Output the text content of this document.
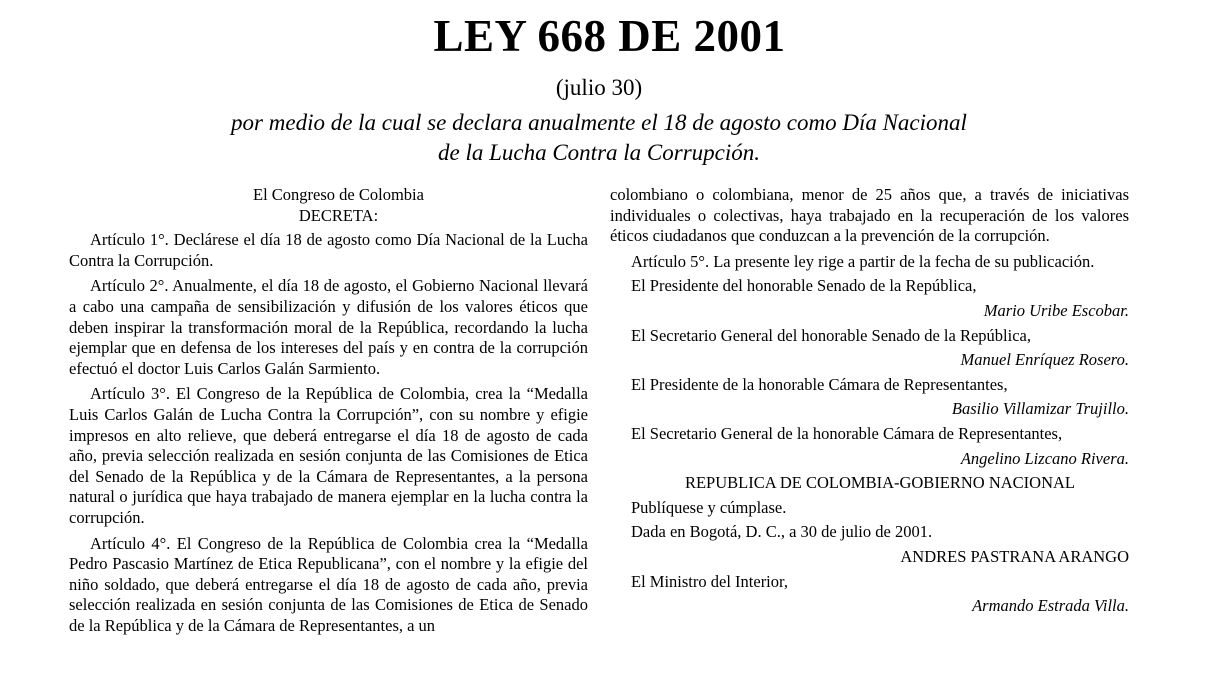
LEY 668 DE 2001
(julio 30)
por medio de la cual se declara anualmente el 18 de agosto como Día Nacional
de la Lucha Contra la Corrupción.

El Congreso de Colombia

DECRETA:

Artículo 1°. Declárese el día 18 de agosto como Día Nacional de la Lucha Contra la Corrupción.

Artículo 2°. Anualmente, el día 18 de agosto, el Gobierno Nacional llevará a cabo una campaña de sensibilización y difusión de los valores éticos que deben inspirar la transformación moral de la República, recordando la lucha ejemplar que en defensa de los intereses del país y en contra de la corrupción efectuó el doctor Luis Carlos Galán Sarmiento.

Artículo 3°. El Congreso de la República de Colombia, crea la “Medalla Luis Carlos Galán de Lucha Contra la Corrupción”, con su nombre y efigie impresos en alto relieve, que deberá entregarse el día 18 de agosto de cada año, previa selección realizada en sesión conjunta de las Comisiones de Etica del Senado de la República y de la Cámara de Representantes, a la persona natural o jurídica que haya trabajado de manera ejemplar en la lucha contra la corrupción.

Artículo 4°. El Congreso de la República de Colombia crea la “Medalla Pedro Pascasio Martínez de Etica Republicana”, con el nombre y la efigie del niño soldado, que deberá entregarse el día 18 de agosto de cada año, previa selección realizada en sesión conjunta de las Comisiones de Etica de Senado de la República y de la Cámara de Representantes, a un

colombiano o colombiana, menor de 25 años que, a través de iniciativas individuales o colectivas, haya trabajado en la recuperación de los valores éticos ciudadanos que conduzcan a la prevención de la corrupción.

Artículo 5°. La presente ley rige a partir de la fecha de su publicación.

El Presidente del honorable Senado de la República,

Mario Uribe Escobar.

El Secretario General del honorable Senado de la República,

Manuel Enríquez Rosero.

El Presidente de la honorable Cámara de Representantes,

Basilio Villamizar Trujillo.

El Secretario General de la honorable Cámara de Representantes,

Angelino Lizcano Rivera.

REPUBLICA DE COLOMBIA-GOBIERNO NACIONAL

Publíquese y cúmplase.

Dada en Bogotá, D. C., a 30 de julio de 2001.

ANDRES PASTRANA ARANGO

El Ministro del Interior,

Armando Estrada Villa.
